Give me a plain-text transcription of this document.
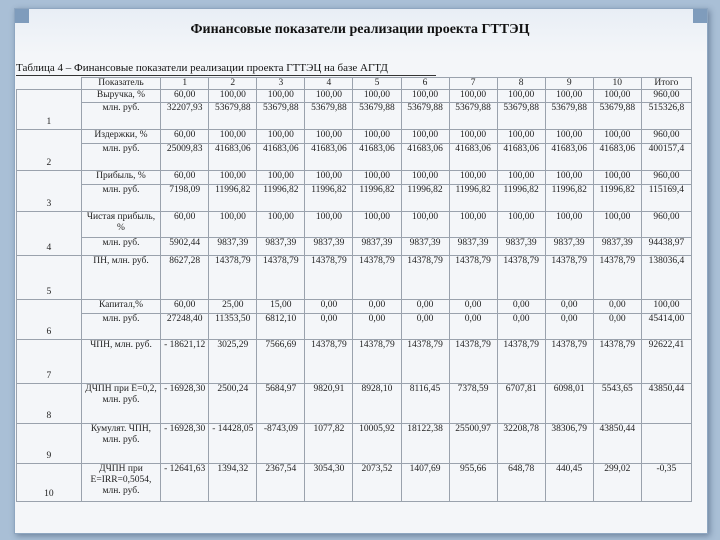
Финансовые показатели реализации проекта ГТТЭЦ
Таблица 4 – Финансовые показатели реализации проекта ГТТЭЦ на базе АГТД
	Показатель	1	2	3	4	5	6	7	8	9	10	Итого
1	Выручка, %	60,00	100,00	100,00	100,00	100,00	100,00	100,00	100,00	100,00	100,00	960,00
	млн. руб.	32207,93	53679,88	53679,88	53679,88	53679,88	53679,88	53679,88	53679,88	53679,88	53679,88	515326,8
2	Издержки, %	60,00	100,00	100,00	100,00	100,00	100,00	100,00	100,00	100,00	100,00	960,00
	млн. руб.	25009,83	41683,06	41683,06	41683,06	41683,06	41683,06	41683,06	41683,06	41683,06	41683,06	400157,4
3	Прибыль, %	60,00	100,00	100,00	100,00	100,00	100,00	100,00	100,00	100,00	100,00	960,00
	млн. руб.	7198,09	11996,82	11996,82	11996,82	11996,82	11996,82	11996,82	11996,82	11996,82	11996,82	115169,4
4	Чистая прибыль, %	60,00	100,00	100,00	100,00	100,00	100,00	100,00	100,00	100,00	100,00	960,00
	млн. руб.	5902,44	9837,39	9837,39	9837,39	9837,39	9837,39	9837,39	9837,39	9837,39	9837,39	94438,97
5	ПН, млн. руб.	8627,28	14378,79	14378,79	14378,79	14378,79	14378,79	14378,79	14378,79	14378,79	14378,79	138036,4
6	Капитал,%	60,00	25,00	15,00	0,00	0,00	0,00	0,00	0,00	0,00	0,00	100,00
	млн. руб.	27248,40	11353,50	6812,10	0,00	0,00	0,00	0,00	0,00	0,00	0,00	45414,00
7	ЧПН, млн. руб.	- 18621,12	3025,29	7566,69	14378,79	14378,79	14378,79	14378,79	14378,79	14378,79	14378,79	92622,41
8	ДЧПН при E=0,2, млн. руб.	- 16928,30	2500,24	5684,97	9820,91	8928,10	8116,45	7378,59	6707,81	6098,01	5543,65	43850,44
9	Кумулят. ЧПН, млн. руб.	- 16928,30	- 14428,05	-8743,09	1077,82	10005,92	18122,38	25500,97	32208,78	38306,79	43850,44	
10	ДЧПН при E=IRR=0,5054, млн. руб.	- 12641,63	1394,32	2367,54	3054,30	2073,52	1407,69	955,66	648,78	440,45	299,02	-0,35
